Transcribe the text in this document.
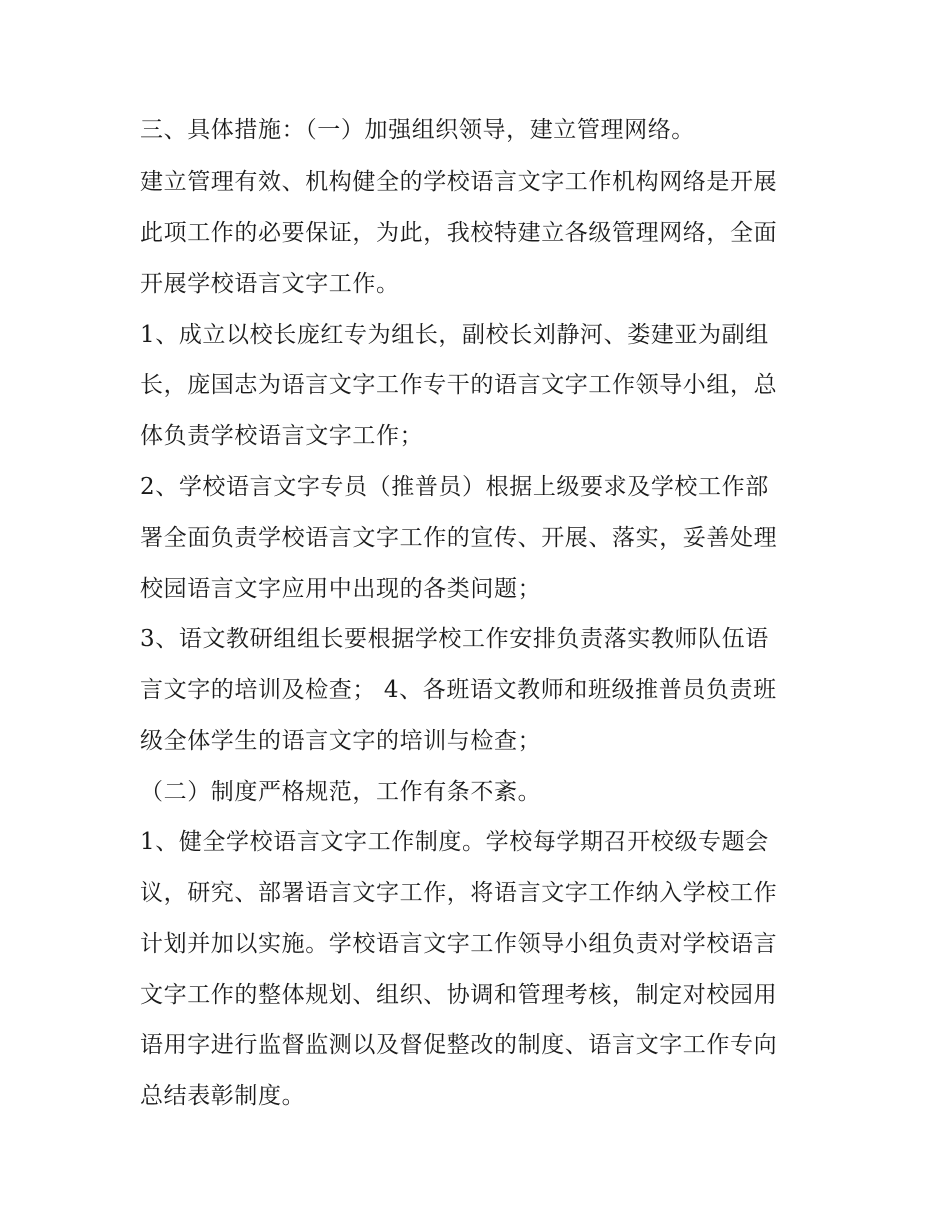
三、具体措施：（一）加强组织领导，建立管理网络。
建立管理有效、机构健全的学校语言文字工作机构网络是开展
此项工作的必要保证，为此，我校特建立各级管理网络，全面
开展学校语言文字工作。
1、成立以校长庞红专为组长，副校长刘静河、娄建亚为副组
长，庞国志为语言文字工作专干的语言文字工作领导小组，总
体负责学校语言文字工作；
2、学校语言文字专员（推普员）根据上级要求及学校工作部
署全面负责学校语言文字工作的宣传、开展、落实，妥善处理
校园语言文字应用中出现的各类问题；
3、语文教研组组长要根据学校工作安排负责落实教师队伍语
言文字的培训及检查； 4、各班语文教师和班级推普员负责班
级全体学生的语言文字的培训与检查；
（二）制度严格规范，工作有条不紊。
1、健全学校语言文字工作制度。学校每学期召开校级专题会
议，研究、部署语言文字工作，将语言文字工作纳入学校工作
计划并加以实施。学校语言文字工作领导小组负责对学校语言
文字工作的整体规划、组织、协调和管理考核，制定对校园用
语用字进行监督监测以及督促整改的制度、语言文字工作专向
总结表彰制度。
